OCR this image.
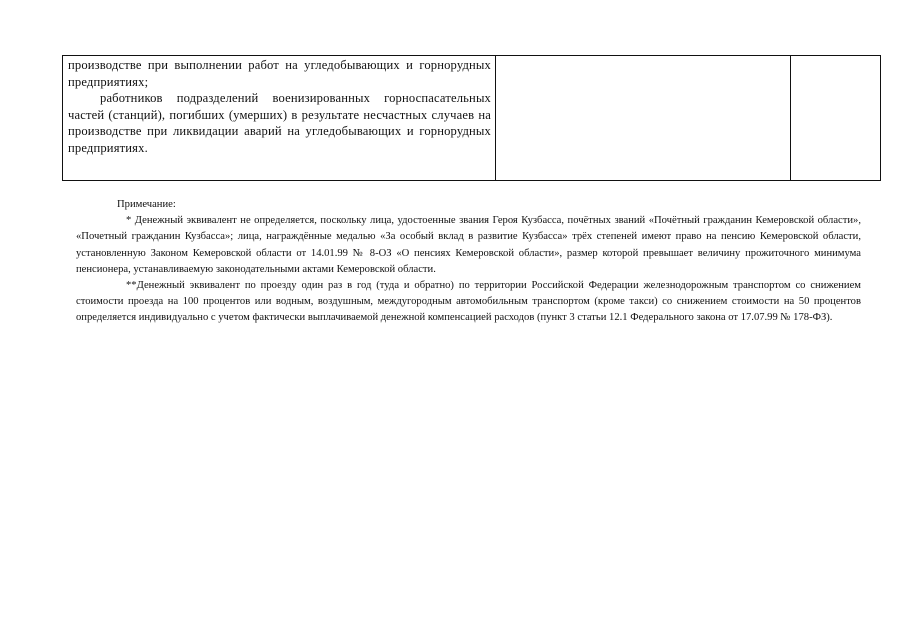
производстве при выполнении работ на угледобывающих и горнорудных предприятиях;

работников подразделений военизированных горноспасательных частей (станций), погибших (умерших) в результате несчастных случаев на производстве при ликвидации аварий на угледобывающих и горнорудных предприятиях.

Примечание:

* Денежный эквивалент не определяется, поскольку лица, удостоенные звания Героя Кузбасса, почётных званий «Почётный гражданин Кемеровской области», «Почетный гражданин Кузбасса»; лица, награждённые медалью «За особый вклад в развитие Кузбасса» трёх степеней имеют право на пенсию Кемеровской области, установленную Законом Кемеровской области от 14.01.99 № 8-ОЗ «О пенсиях Кемеровской области», размер которой превышает величину прожиточного минимума пенсионера, устанавливаемую законодательными актами Кемеровской области.

**Денежный эквивалент по проезду один раз в год (туда и обратно) по территории Российской Федерации железнодорожным транспортом со снижением стоимости проезда на 100 процентов или водным, воздушным, междугородным автомобильным транспортом (кроме такси) со снижением стоимости на 50 процентов определяется индивидуально с учетом фактически выплачиваемой денежной компенсацией расходов (пункт 3 статьи 12.1 Федерального закона от 17.07.99 № 178-ФЗ).
